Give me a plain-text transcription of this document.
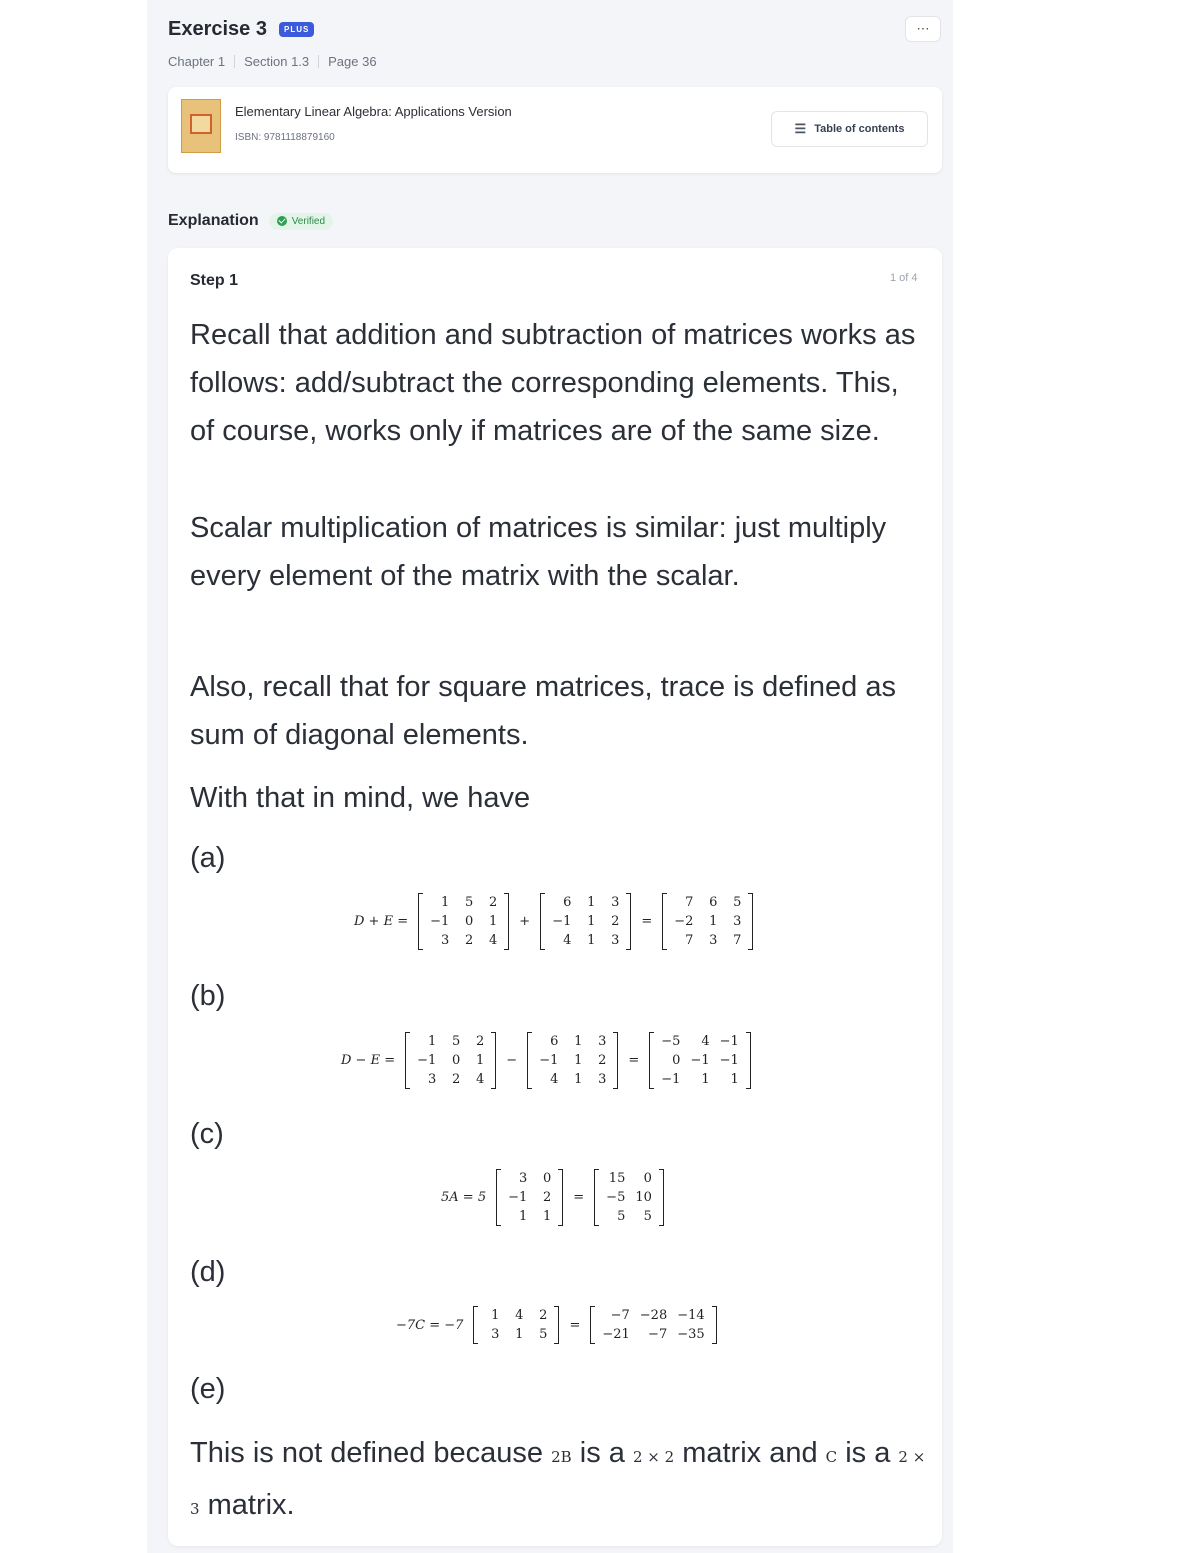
Exercise 3	PLUS	⋯
Chapter 1 Section 1.3 Page 36
Elementary Linear Algebra: Applications Version
ISBN: 9781118879160
☰ Table of contents
Explanation	Verified
Step 1	1 of 4

Recall that addition and subtraction of matrices works as follows: add/subtract the corresponding elements. This, of course, works only if matrices are of the same size.

Scalar multiplication of matrices is similar: just multiply every element of the matrix with the scalar.

Also, recall that for square matrices, trace is defined as sum of diagonal elements.

With that in mind, we have

(a)
D + E =
1	5	2
−1	0	1
3	2	4
+
6	1	3
−1	1	2
4	1	3
=
7	6	5
−2	1	3
7	3	7
(b)
D − E =
1	5	2
−1	0	1
3	2	4
−
6	1	3
−1	1	2
4	1	3
=
−5	4 −1
0 −1 −1
−1	1	1
(c)
5A = 5
3	0
−1	2
1	1
=
15	0
−5 10
5	5
(d)
−7C = −7
1	4	2
3	1	5
=
−7 −28 −14
−21	−7 −35
(e)

This is not defined because 2B is a 2 × 2 matrix and C is a 2 × 3 matrix.
